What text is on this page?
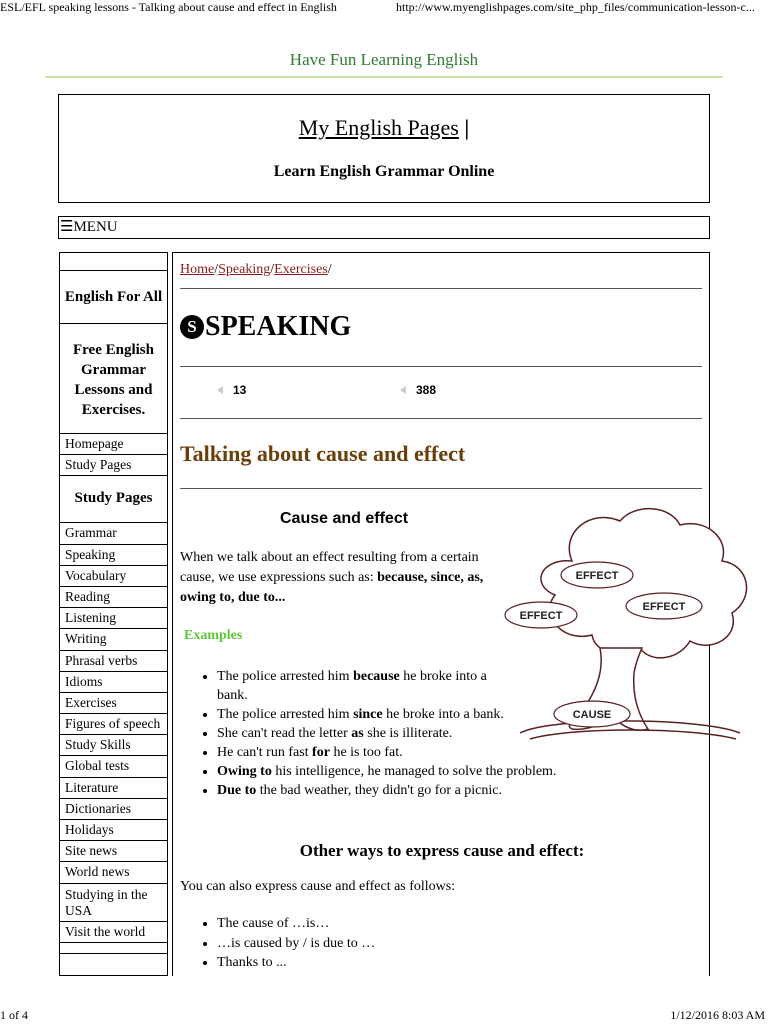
ESL/EFL speaking lessons - Talking about cause and effect in English	http://www.myenglishpages.com/site_php_files/communication-lesson-c...
Have Fun Learning English
My English Pages |
Learn English Grammar Online
☰MENU
English For All
Free English Grammar Lessons and Exercises.
Homepage
Study Pages
Study Pages
Grammar
Speaking
Vocabulary
Reading
Listening
Writing
Phrasal verbs
Idioms
Exercises
Figures of speech
Study Skills
Global tests
Literature
Dictionaries
Holidays
Site news
World news
Studying in the USA
Visit the world
Home/Speaking/Exercises/
S SPEAKING
13	388
Talking about cause and effect
Cause and effect
When we talk about an effect resulting from a certain cause, we use expressions such as: because, since, as, owing to, due to...
Examples
• The police arrested him because he broke into a bank.
• The police arrested him since he broke into a bank.
• She can't read the letter as she is illiterate.
• He can't run fast for he is too fat.
• Owing to his intelligence, he managed to solve the problem.
• Due to the bad weather, they didn't go for a picnic.
Other ways to express cause and effect:
You can also express cause and effect as follows:
• The cause of …is…
• …is caused by / is due to …
• Thanks to ...
EFFECT
EFFECT
EFFECT
CAUSE
1 of 4	1/12/2016 8:03 AM
